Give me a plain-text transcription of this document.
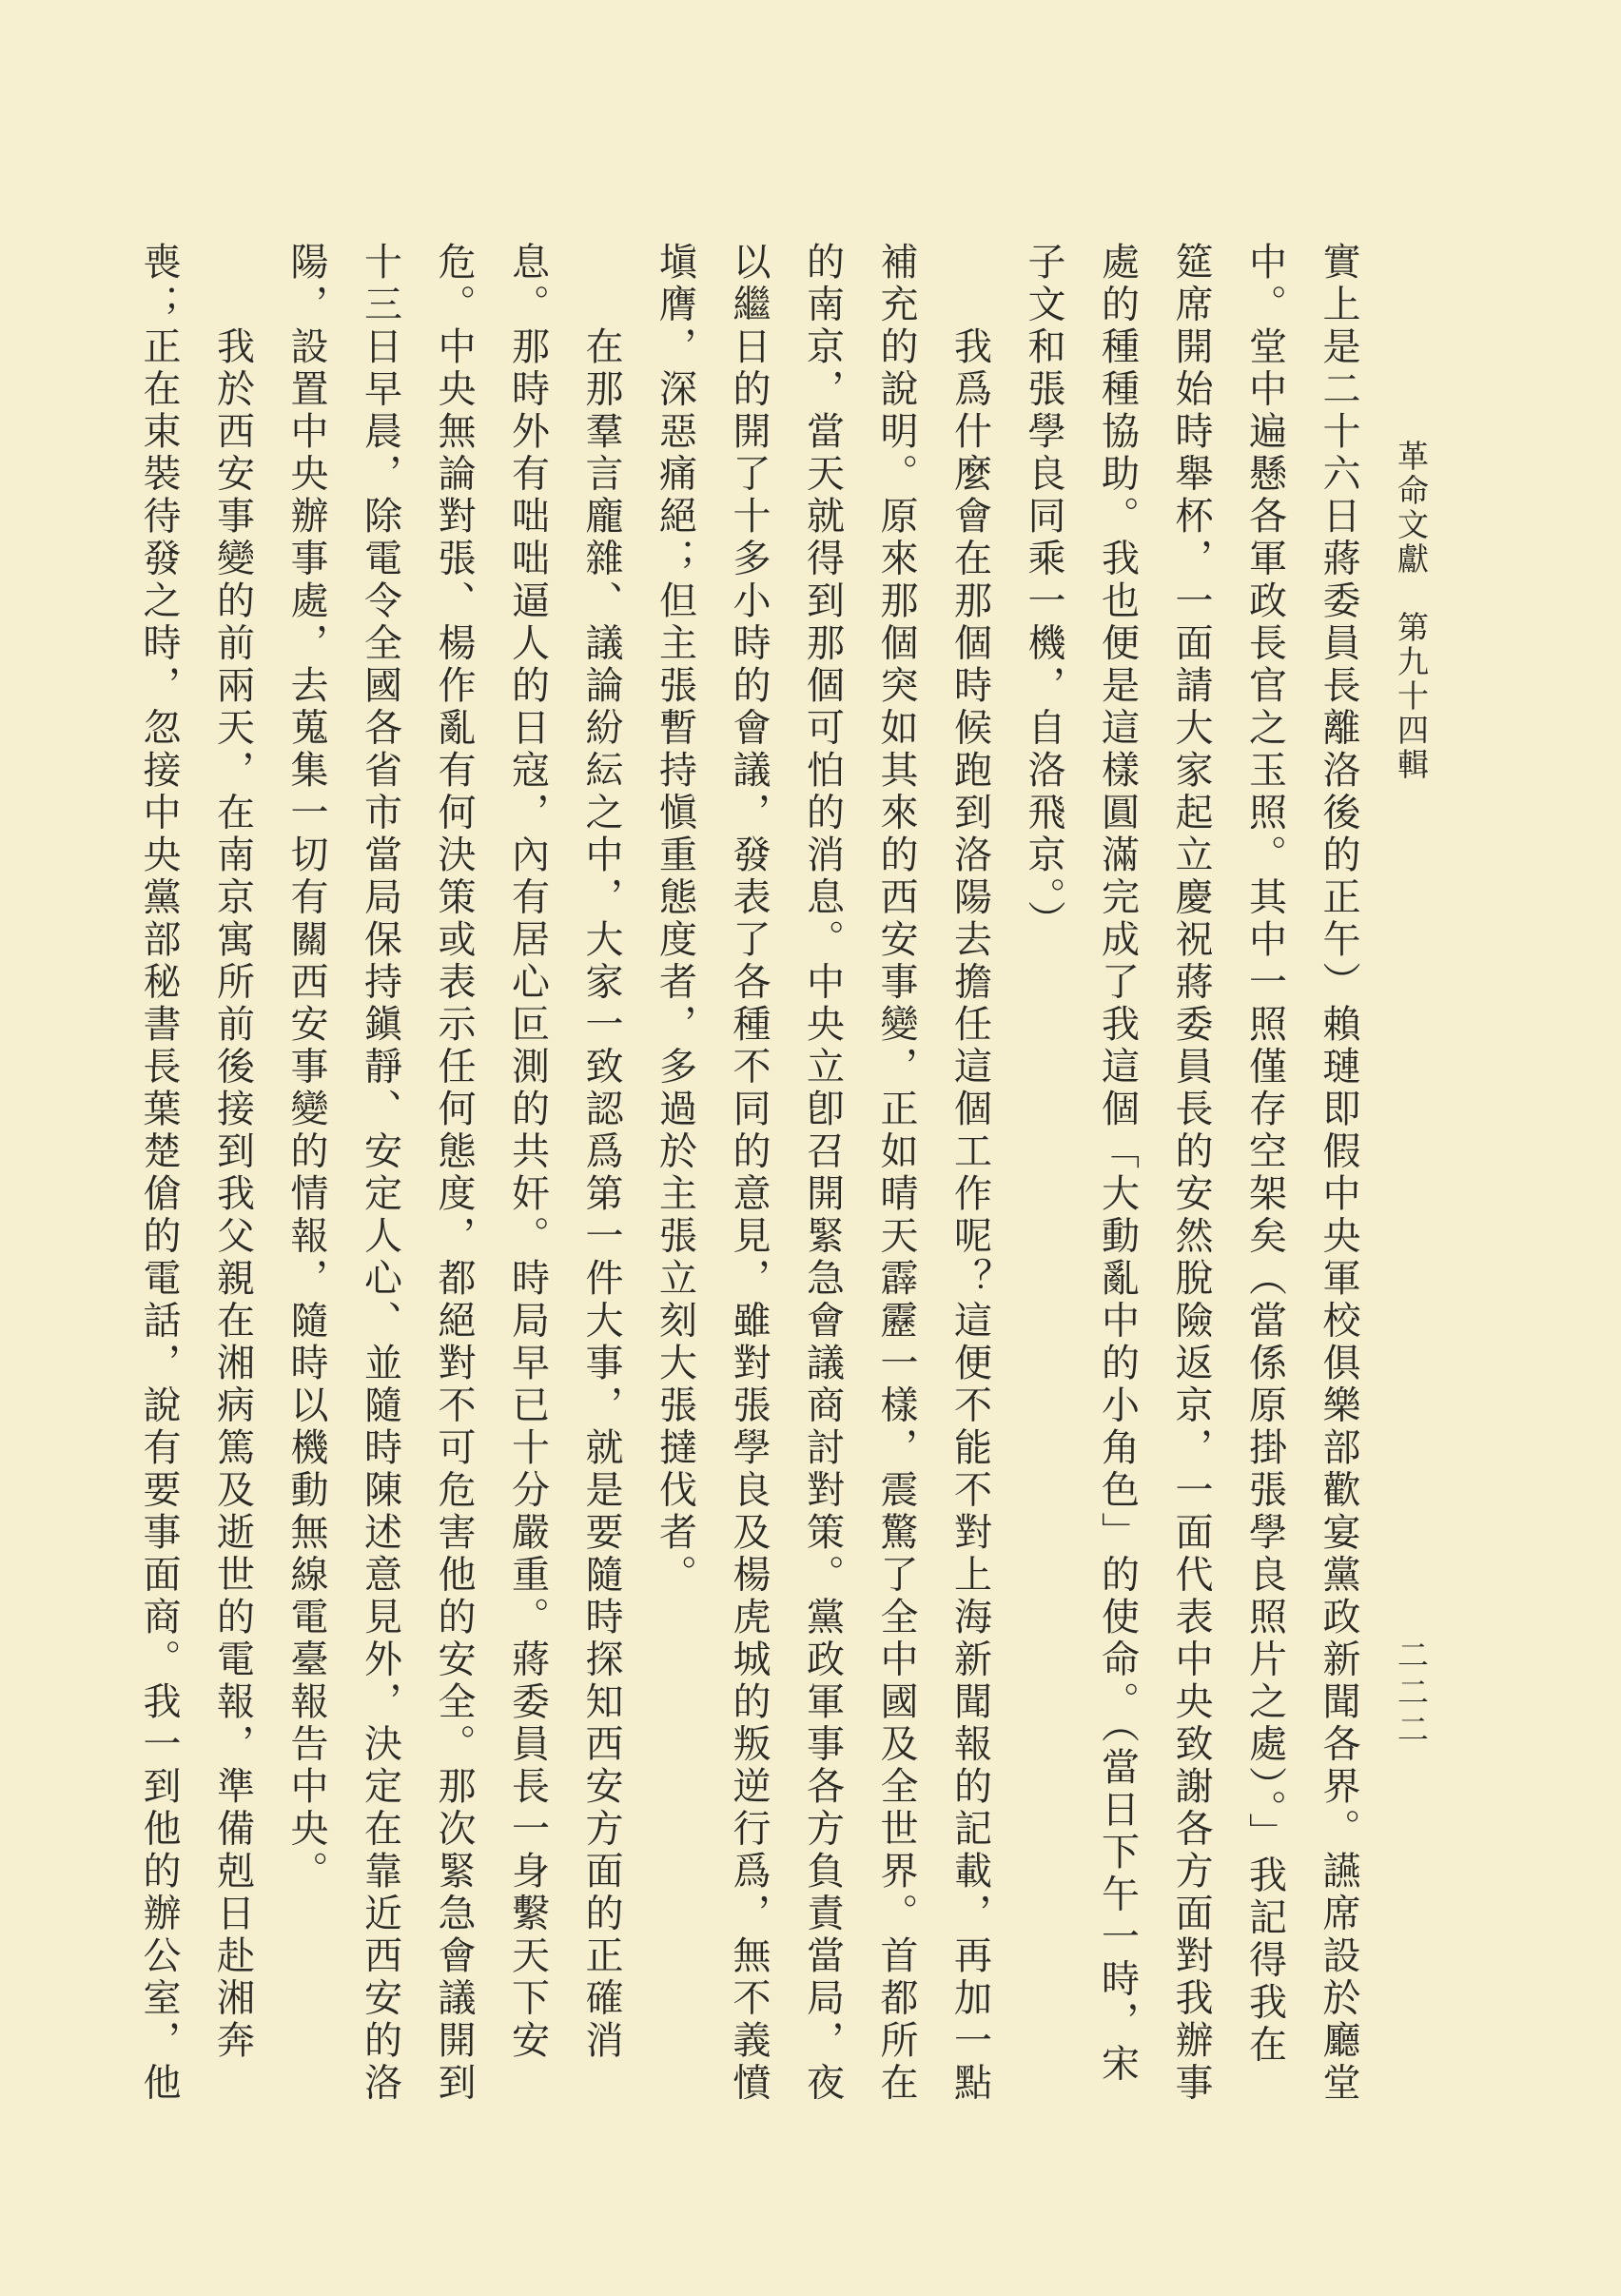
革命文獻　第九十四輯
二二二
實上是二十六日蔣委員長離洛後的正午）賴璉即假中央軍校俱樂部歡宴黨政新聞各界。讌席設於廳堂
中。堂中遍懸各軍政長官之玉照。其中一照僅存空架矣（當係原掛張學良照片之處）。」我記得我在
筵席開始時舉杯，一面請大家起立慶祝蔣委員長的安然脫險返京，一面代表中央致謝各方面對我辦事
處的種種協助。我也便是這樣圓滿完成了我這個「大動亂中的小角色」的使命。（當日下午一時，宋
子文和張學良同乘一機，自洛飛京。）
我爲什麼會在那個時候跑到洛陽去擔任這個工作呢？這便不能不對上海新聞報的記載，再加一點
補充的說明。原來那個突如其來的西安事變，正如晴天霹靂一樣，震驚了全中國及全世界。首都所在
的南京，當天就得到那個可怕的消息。中央立卽召開緊急會議商討對策。黨政軍事各方負責當局，夜
以繼日的開了十多小時的會議，發表了各種不同的意見，雖對張學良及楊虎城的叛逆行爲，無不義憤
塡膺，深惡痛絕；但主張暫持愼重態度者，多過於主張立刻大張撻伐者。
在那羣言龐雜、議論紛紜之中，大家一致認爲第一件大事，就是要隨時探知西安方面的正確消
息。那時外有咄咄逼人的日寇，內有居心叵測的共奸。時局早已十分嚴重。蔣委員長一身繫天下安
危。中央無論對張、楊作亂有何決策或表示任何態度，都絕對不可危害他的安全。那次緊急會議開到
十三日早晨，除電令全國各省市當局保持鎭靜、安定人心、並隨時陳述意見外，決定在靠近西安的洛
陽，設置中央辦事處，去蒐集一切有關西安事變的情報，隨時以機動無線電臺報告中央。
我於西安事變的前兩天，在南京寓所前後接到我父親在湘病篤及逝世的電報，準備剋日赴湘奔
喪；正在束裝待發之時，忽接中央黨部秘書長葉楚傖的電話，說有要事面商。我一到他的辦公室，他
